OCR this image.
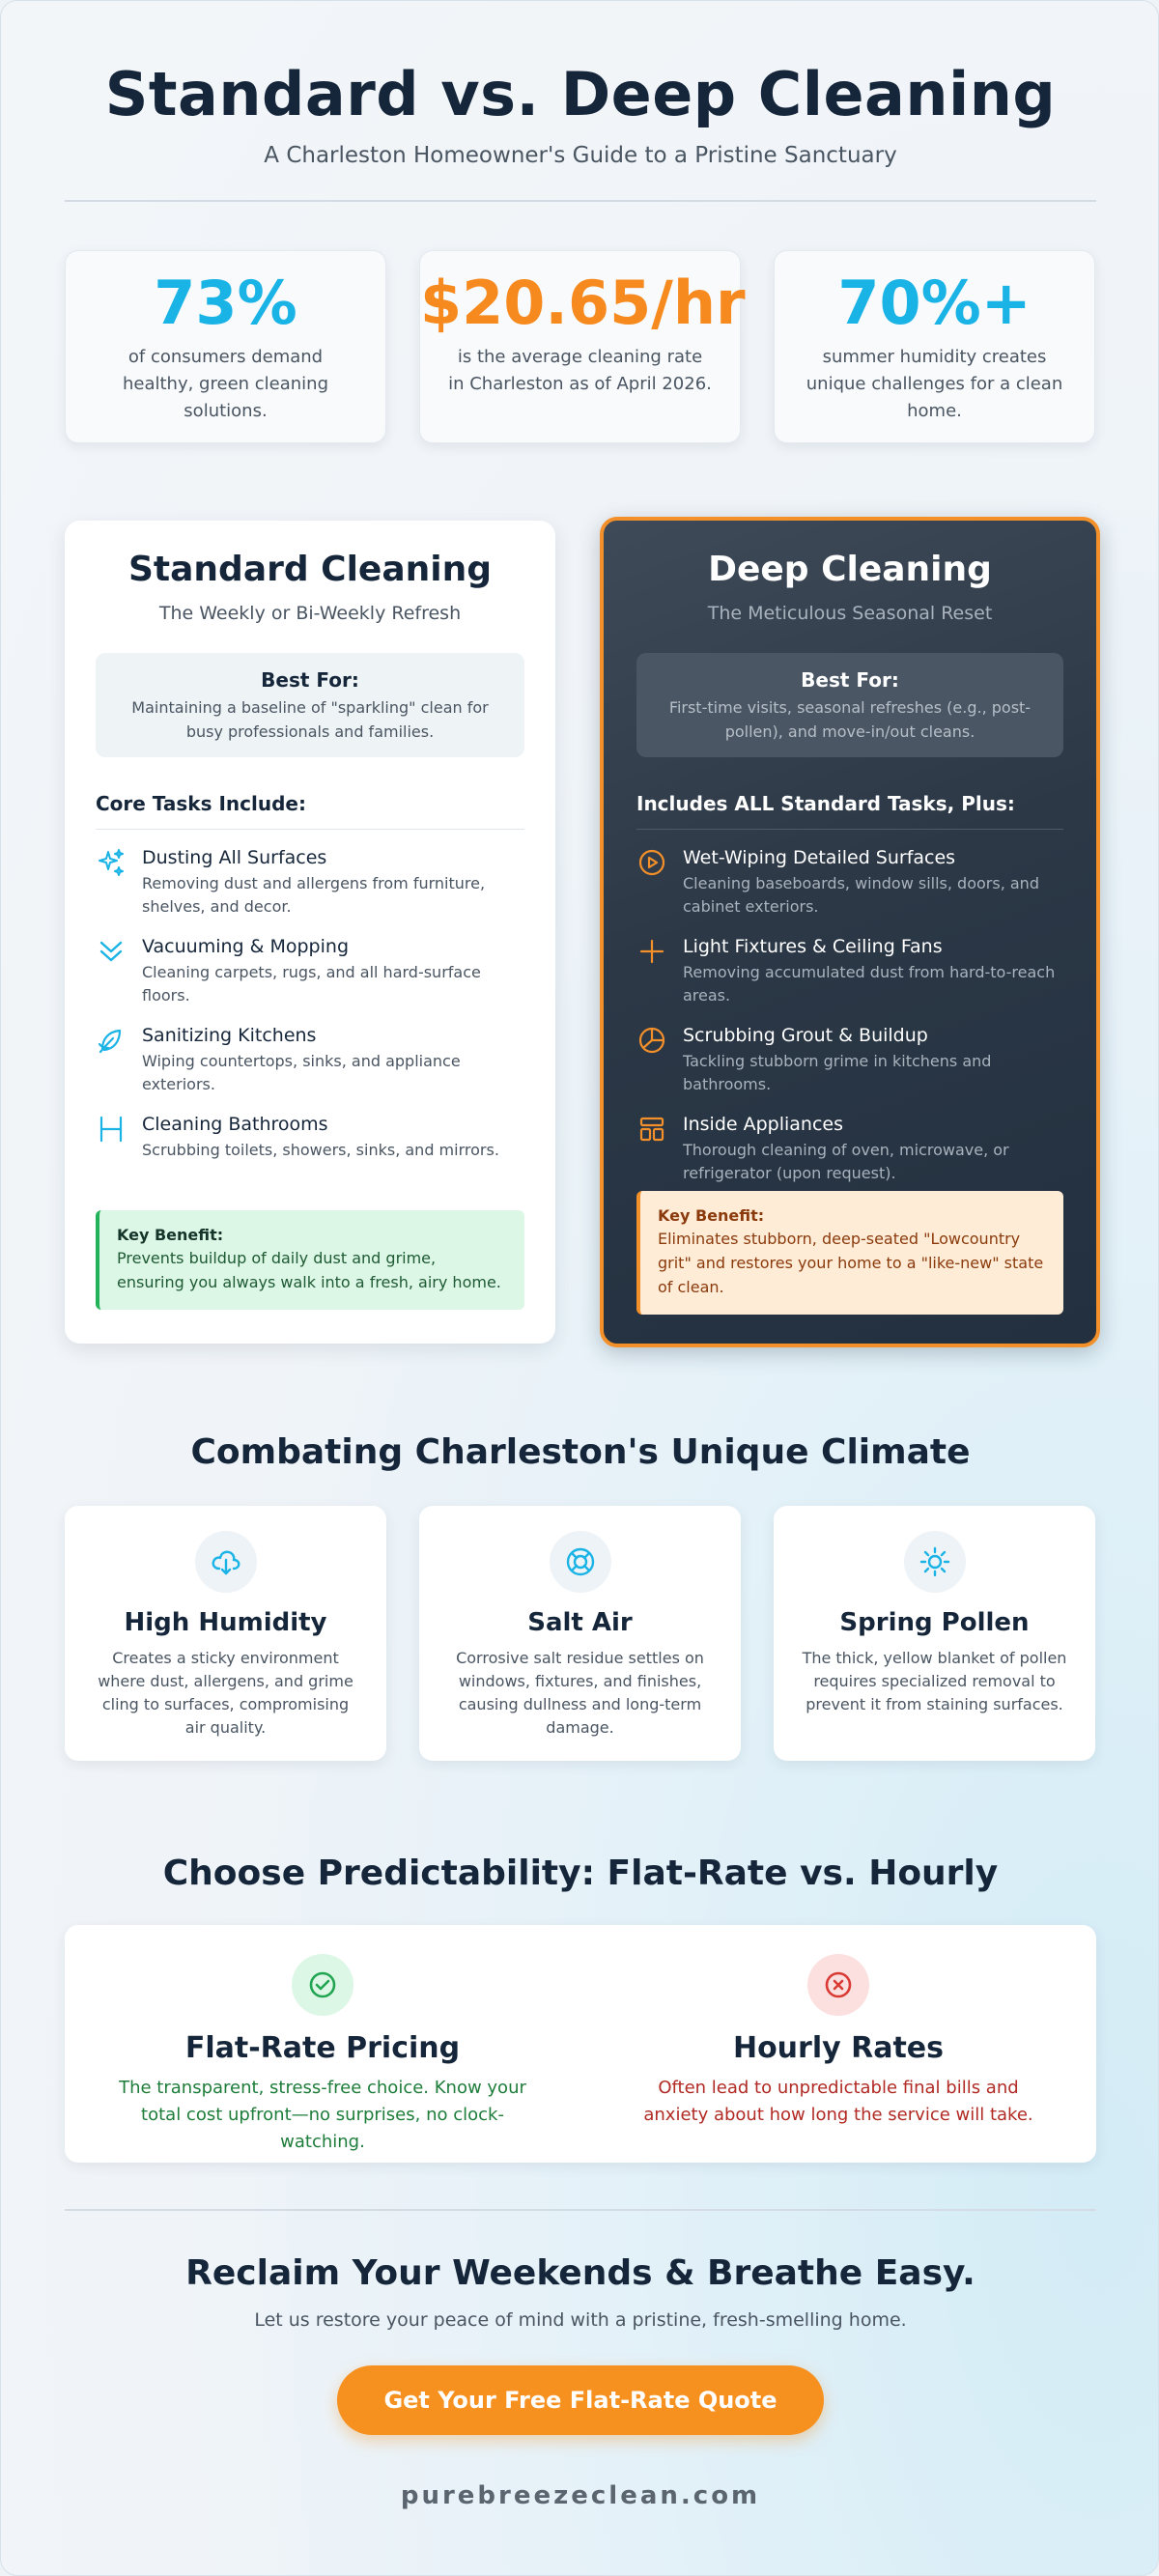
Standard vs. Deep Cleaning
A Charleston Homeowner's Guide to a Pristine Sanctuary
73%
of consumers demand healthy, green cleaning solutions.
$20.65/hr
is the average cleaning rate in Charleston as of April 2026.
70%+
summer humidity creates unique challenges for a clean home.
Standard Cleaning
The Weekly or Bi-Weekly Refresh
Best For:
Maintaining a baseline of "sparkling" clean for busy professionals and families.
Core Tasks Include:
Dusting All Surfaces
Removing dust and allergens from furniture, shelves, and decor.
Vacuuming & Mopping
Cleaning carpets, rugs, and all hard-surface floors.
Sanitizing Kitchens
Wiping countertops, sinks, and appliance exteriors.
Cleaning Bathrooms
Scrubbing toilets, showers, sinks, and mirrors.
Key Benefit:
Prevents buildup of daily dust and grime, ensuring you always walk into a fresh, airy home.
Deep Cleaning
The Meticulous Seasonal Reset
Best For:
First-time visits, seasonal refreshes (e.g., post-pollen), and move-in/out cleans.
Includes ALL Standard Tasks, Plus:
Wet-Wiping Detailed Surfaces
Cleaning baseboards, window sills, doors, and cabinet exteriors.
Light Fixtures & Ceiling Fans
Removing accumulated dust from hard-to-reach areas.
Scrubbing Grout & Buildup
Tackling stubborn grime in kitchens and bathrooms.
Inside Appliances
Thorough cleaning of oven, microwave, or refrigerator (upon request).
Key Benefit:
Eliminates stubborn, deep-seated "Lowcountry grit" and restores your home to a "like-new" state of clean.
Combating Charleston's Unique Climate
High Humidity
Creates a sticky environment where dust, allergens, and grime cling to surfaces, compromising air quality.
Salt Air
Corrosive salt residue settles on windows, fixtures, and finishes, causing dullness and long-term damage.
Spring Pollen
The thick, yellow blanket of pollen requires specialized removal to prevent it from staining surfaces.
Choose Predictability: Flat-Rate vs. Hourly
Flat-Rate Pricing
The transparent, stress-free choice. Know your total cost upfront—no surprises, no clock-watching.
Hourly Rates
Often lead to unpredictable final bills and anxiety about how long the service will take.
Reclaim Your Weekends & Breathe Easy.
Let us restore your peace of mind with a pristine, fresh-smelling home.
Get Your Free Flat-Rate Quote
purebreezeclean.com
